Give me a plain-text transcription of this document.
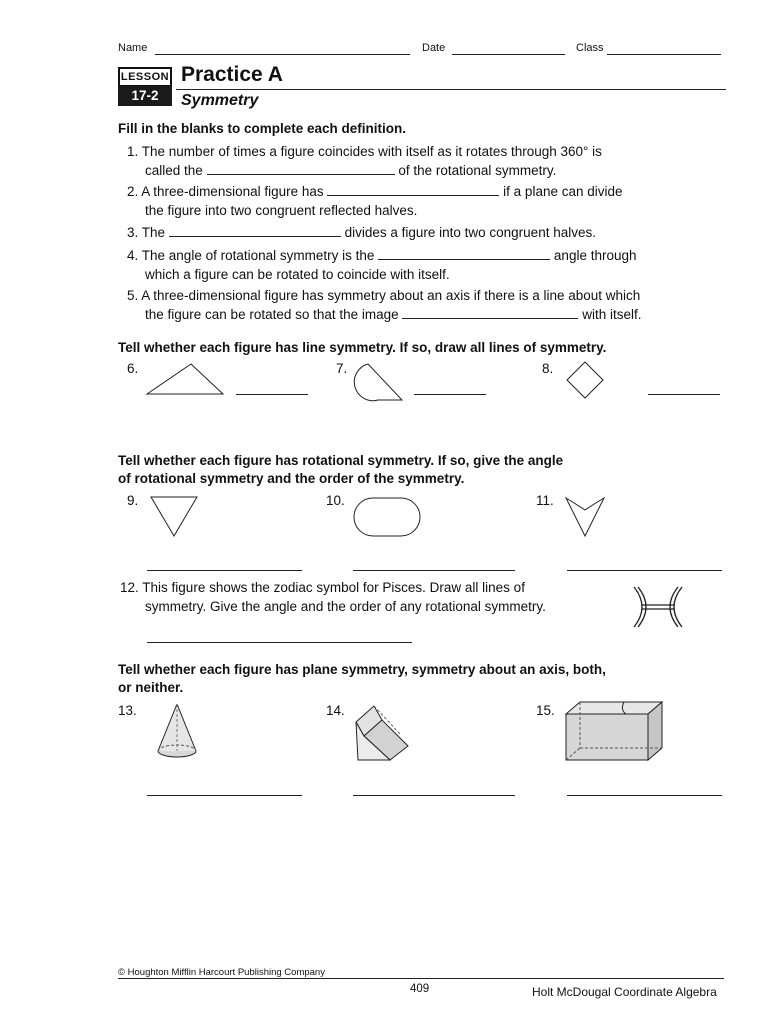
Name	Date	Class
LESSON
17-2
Practice A
Symmetry
Fill in the blanks to complete each definition.
1. The number of times a figure coincides with itself as it rotates through 360° is
called the	of the rotational symmetry.
2. A three-dimensional figure has	if a plane can divide
the figure into two congruent reflected halves.
3. The	divides a figure into two congruent halves.
4. The angle of rotational symmetry is the	angle through
which a figure can be rotated to coincide with itself.
5. A three-dimensional figure has symmetry about an axis if there is a line about which
the figure can be rotated so that the image	with itself.
Tell whether each figure has line symmetry. If so, draw all lines of symmetry.
6.	7.	8.
Tell whether each figure has rotational symmetry. If so, give the angle
of rotational symmetry and the order of the symmetry.
9.	10.	11.
12. This figure shows the zodiac symbol for Pisces. Draw all lines of
symmetry. Give the angle and the order of any rotational symmetry.
Tell whether each figure has plane symmetry, symmetry about an axis, both,
or neither.
13.	14.	15.
© Houghton Mifflin Harcourt Publishing Company
409	Holt McDougal Coordinate Algebra
